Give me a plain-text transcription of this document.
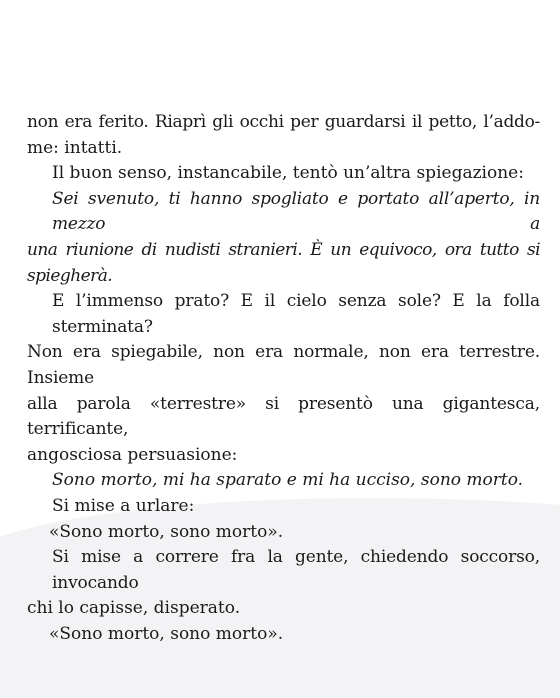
non era ferito. Riaprì gli occhi per guardarsi il petto, l’addo-
me: intatti.
Il buon senso, instancabile, tentò un’altra spiegazione:
Sei svenuto, ti hanno spogliato e portato all’aperto, in mezzo a
una riunione di nudisti stranieri. È un equivoco, ora tutto si spiegherà.
E l’immenso prato? E il cielo senza sole? E la folla sterminata?
Non era spiegabile, non era normale, non era terrestre. Insieme
alla parola «terrestre» si presentò una gigantesca, terrificante,
angosciosa persuasione:
Sono morto, mi ha sparato e mi ha ucciso, sono morto.
Si mise a urlare:
«Sono morto, sono morto».
Si mise a correre fra la gente, chiedendo soccorso, invocando
chi lo capisse, disperato.
«Sono morto, sono morto».
